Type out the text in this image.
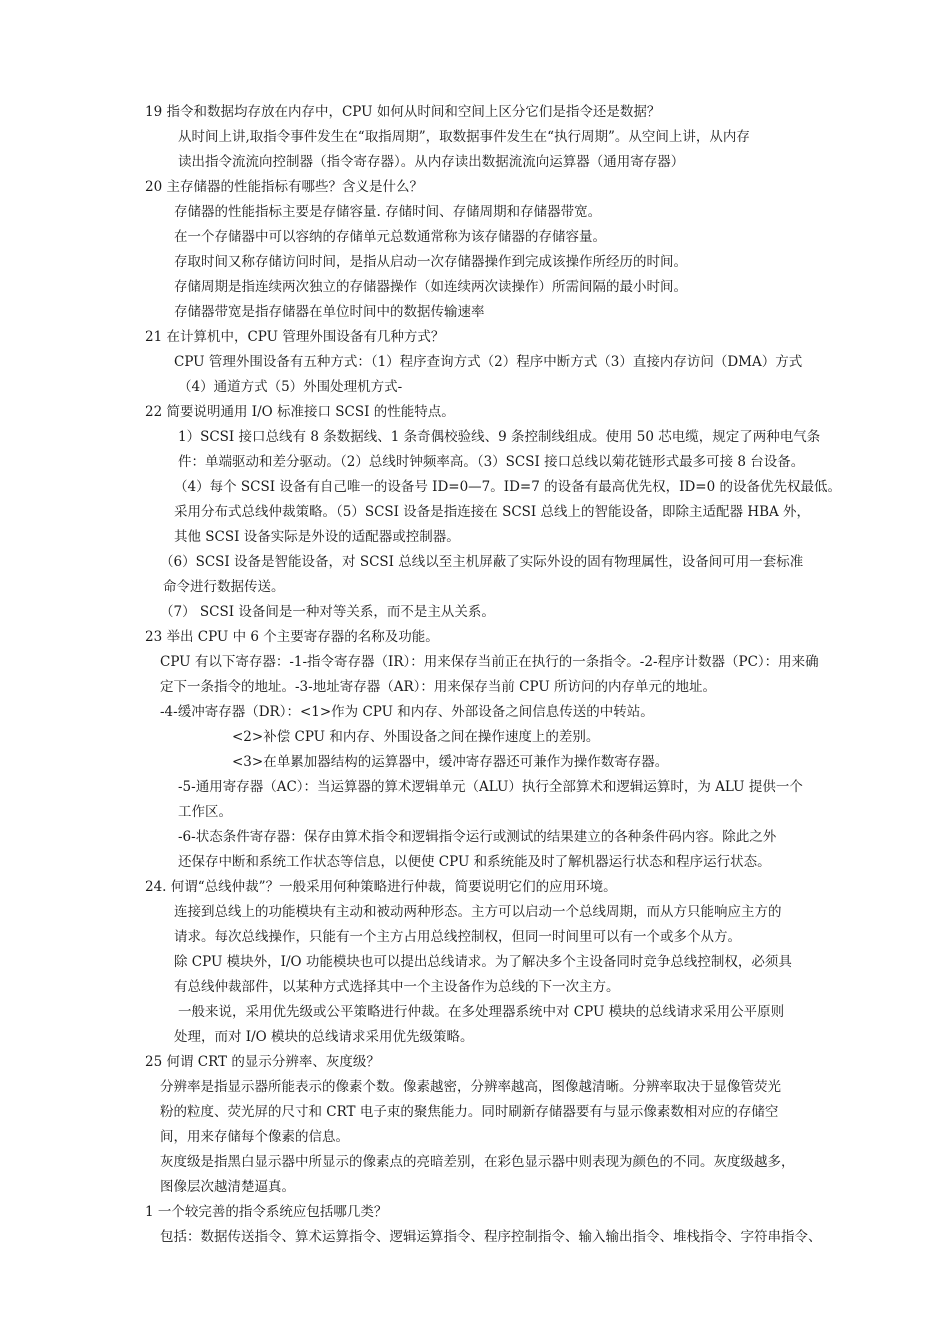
19 指令和数据均存放在内存中，CPU 如何从时间和空间上区分它们是指令还是数据？
从时间上讲,取指令事件发生在“取指周期”，取数据事件发生在“执行周期”。从空间上讲，从内存
读出指令流流向控制器（指令寄存器）。从内存读出数据流流向运算器（通用寄存器）
20 主存储器的性能指标有哪些？含义是什么？
存储器的性能指标主要是存储容量. 存储时间、存储周期和存储器带宽。
在一个存储器中可以容纳的存储单元总数通常称为该存储器的存储容量。
存取时间又称存储访问时间，是指从启动一次存储器操作到完成该操作所经历的时间。
存储周期是指连续两次独立的存储器操作（如连续两次读操作）所需间隔的最小时间。
存储器带宽是指存储器在单位时间中的数据传输速率
21 在计算机中，CPU 管理外围设备有几种方式？
CPU 管理外围设备有五种方式：（1）程序查询方式（2）程序中断方式（3）直接内存访问（DMA）方式
（4）通道方式（5）外围处理机方式-
22 简要说明通用 I/O 标准接口 SCSI 的性能特点。
1）SCSI 接口总线有 8 条数据线、1 条奇偶校验线、9 条控制线组成。使用 50 芯电缆，规定了两种电气条
件：单端驱动和差分驱动。（2）总线时钟频率高。（3）SCSI 接口总线以菊花链形式最多可接 8 台设备。
（4）每个 SCSI 设备有自己唯一的设备号 ID=0—7。ID=7 的设备有最高优先权，ID=0 的设备优先权最低。
采用分布式总线仲裁策略。（5）SCSI 设备是指连接在 SCSI 总线上的智能设备，即除主适配器 HBA 外，
其他 SCSI 设备实际是外设的适配器或控制器。
（6）SCSI 设备是智能设备，对 SCSI 总线以至主机屏蔽了实际外设的固有物理属性，设备间可用一套标准
命令进行数据传送。
（7） SCSI 设备间是一种对等关系，而不是主从关系。
23 举出 CPU 中 6 个主要寄存器的名称及功能。
CPU 有以下寄存器：-1-指令寄存器（IR）：用来保存当前正在执行的一条指令。-2-程序计数器（PC）：用来确
定下一条指令的地址。-3-地址寄存器（AR）：用来保存当前 CPU 所访问的内存单元的地址。
-4-缓冲寄存器（DR）：<1>作为 CPU 和内存、外部设备之间信息传送的中转站。
<2>补偿 CPU 和内存、外围设备之间在操作速度上的差别。
<3>在单累加器结构的运算器中，缓冲寄存器还可兼作为操作数寄存器。
-5-通用寄存器（AC）：当运算器的算术逻辑单元（ALU）执行全部算术和逻辑运算时，为 ALU 提供一个
工作区。
-6-状态条件寄存器：保存由算术指令和逻辑指令运行或测试的结果建立的各种条件码内容。除此之外
还保存中断和系统工作状态等信息，以便使 CPU 和系统能及时了解机器运行状态和程序运行状态。
24. 何谓“总线仲裁”？一般采用何种策略进行仲裁，简要说明它们的应用环境。
连接到总线上的功能模块有主动和被动两种形态。主方可以启动一个总线周期，而从方只能响应主方的
请求。每次总线操作，只能有一个主方占用总线控制权，但同一时间里可以有一个或多个从方。
除 CPU 模块外，I/O 功能模块也可以提出总线请求。为了解决多个主设备同时竞争总线控制权，必须具
有总线仲裁部件，以某种方式选择其中一个主设备作为总线的下一次主方。
一般来说，采用优先级或公平策略进行仲裁。在多处理器系统中对 CPU 模块的总线请求采用公平原则
处理，而对 I/O 模块的总线请求采用优先级策略。
25 何谓 CRT 的显示分辨率、灰度级？
分辨率是指显示器所能表示的像素个数。像素越密，分辨率越高，图像越清晰。分辨率取决于显像管荧光
粉的粒度、荧光屏的尺寸和 CRT 电子束的聚焦能力。同时刷新存储器要有与显示像素数相对应的存储空
间，用来存储每个像素的信息。
灰度级是指黑白显示器中所显示的像素点的亮暗差别，在彩色显示器中则表现为颜色的不同。灰度级越多，
图像层次越清楚逼真。
1 一个较完善的指令系统应包括哪几类？
包括：数据传送指令、算术运算指令、逻辑运算指令、程序控制指令、输入输出指令、堆栈指令、字符串指令、
